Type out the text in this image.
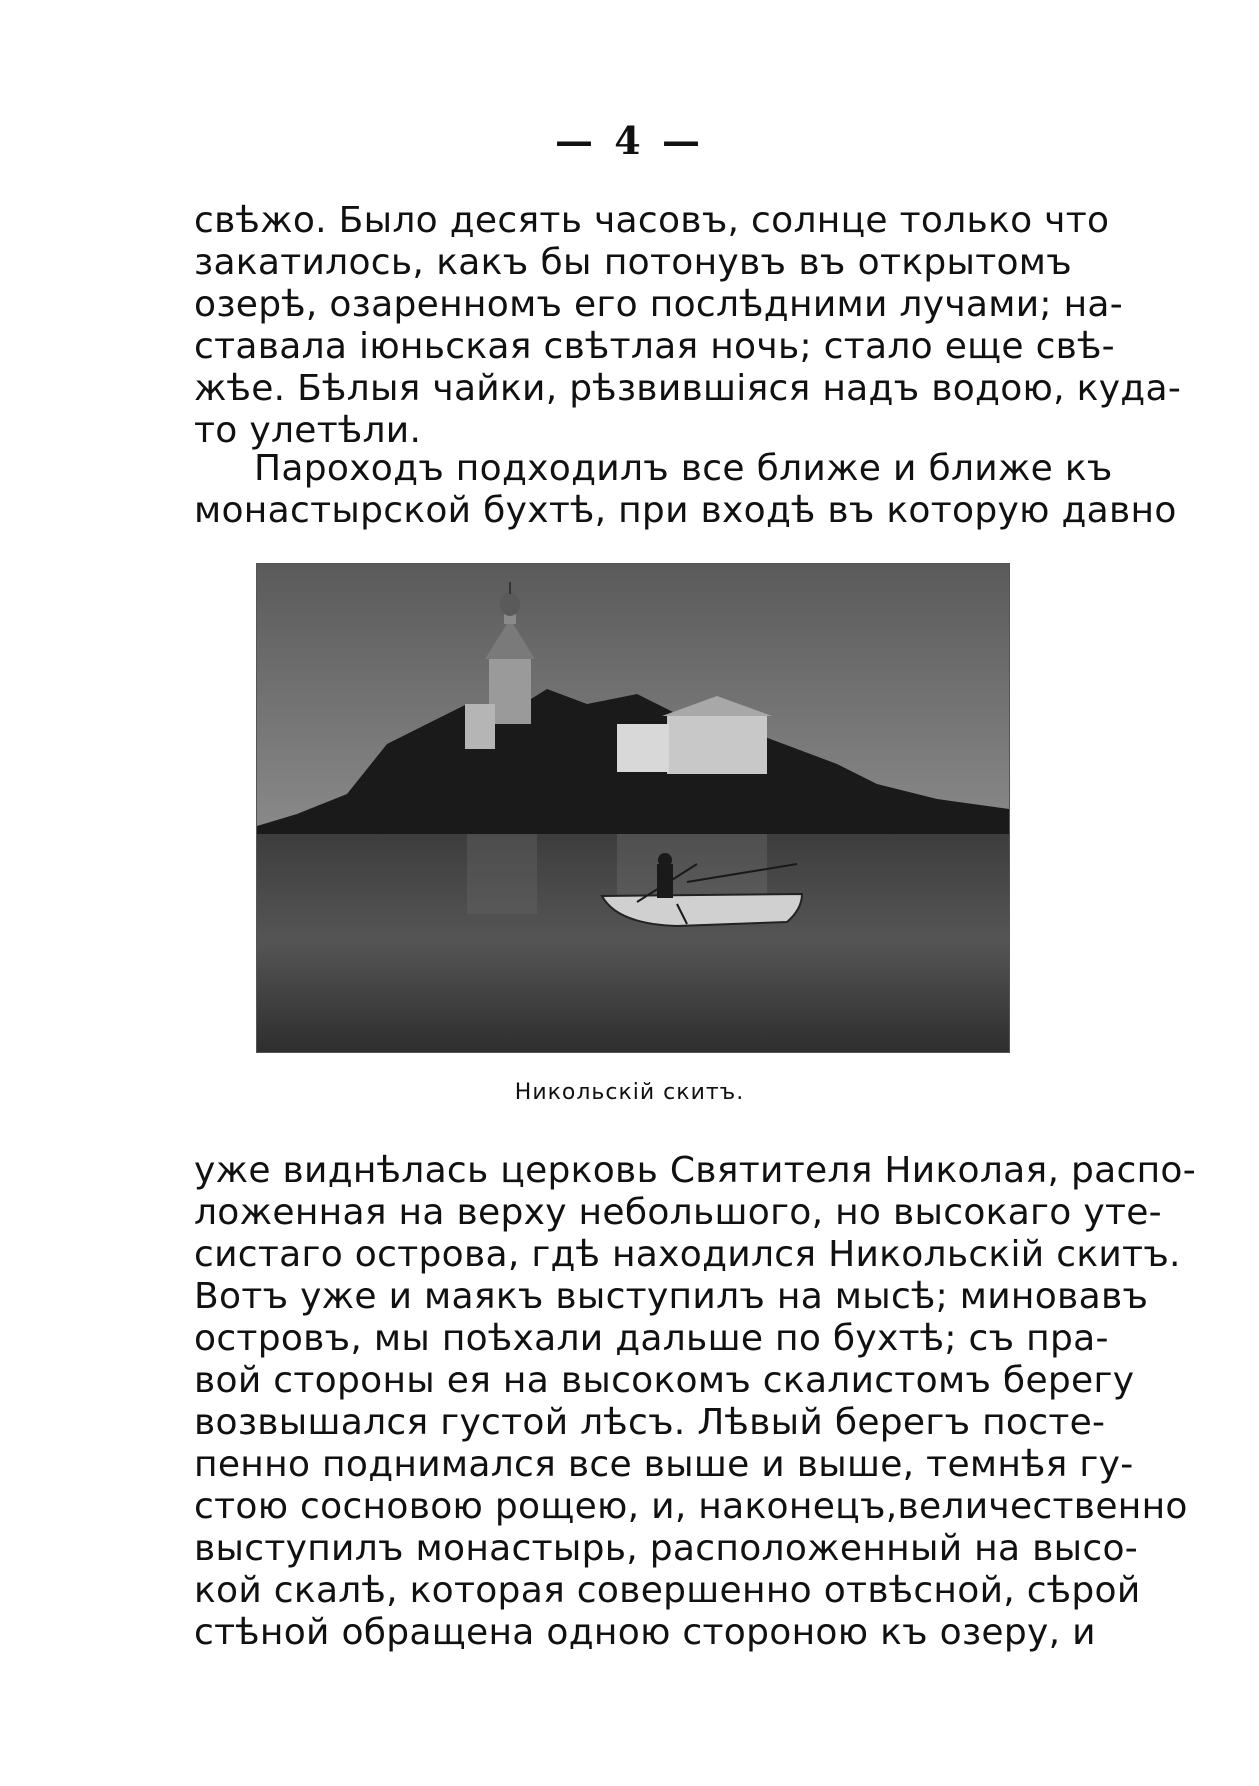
— 4 —
свѣжо. Было десять часовъ, солнце только что
закатилось, какъ бы потонувъ въ открытомъ
озерѣ, озаренномъ его послѣдними лучами; на-
ставала іюньская свѣтлая ночь; стало еще свѣ-
жѣе. Бѣлыя чайки, рѣзвившіяся надъ водою, куда-
то улетѣли.
Пароходъ подходилъ все ближе и ближе къ
монастырской бухтѣ, при входѣ въ которую давно
Никольскій скитъ.
уже виднѣлась церковь Святителя Николая, распо-
ложенная на верху небольшого, но высокаго уте-
систаго острова, гдѣ находился Никольскій скитъ.
Вотъ уже и маякъ выступилъ на мысѣ; миновавъ
островъ, мы поѣхали дальше по бухтѣ; съ пра-
вой стороны ея на высокомъ скалистомъ берегу
возвышался густой лѣсъ. Лѣвый берегъ посте-
пенно поднимался все выше и выше, темнѣя гу-
стою сосновою рощею, и, наконецъ,величественно
выступилъ монастырь, расположенный на высо-
кой скалѣ, которая совершенно отвѣсной, сѣрой
стѣной обращена одною стороною къ озеру, и
